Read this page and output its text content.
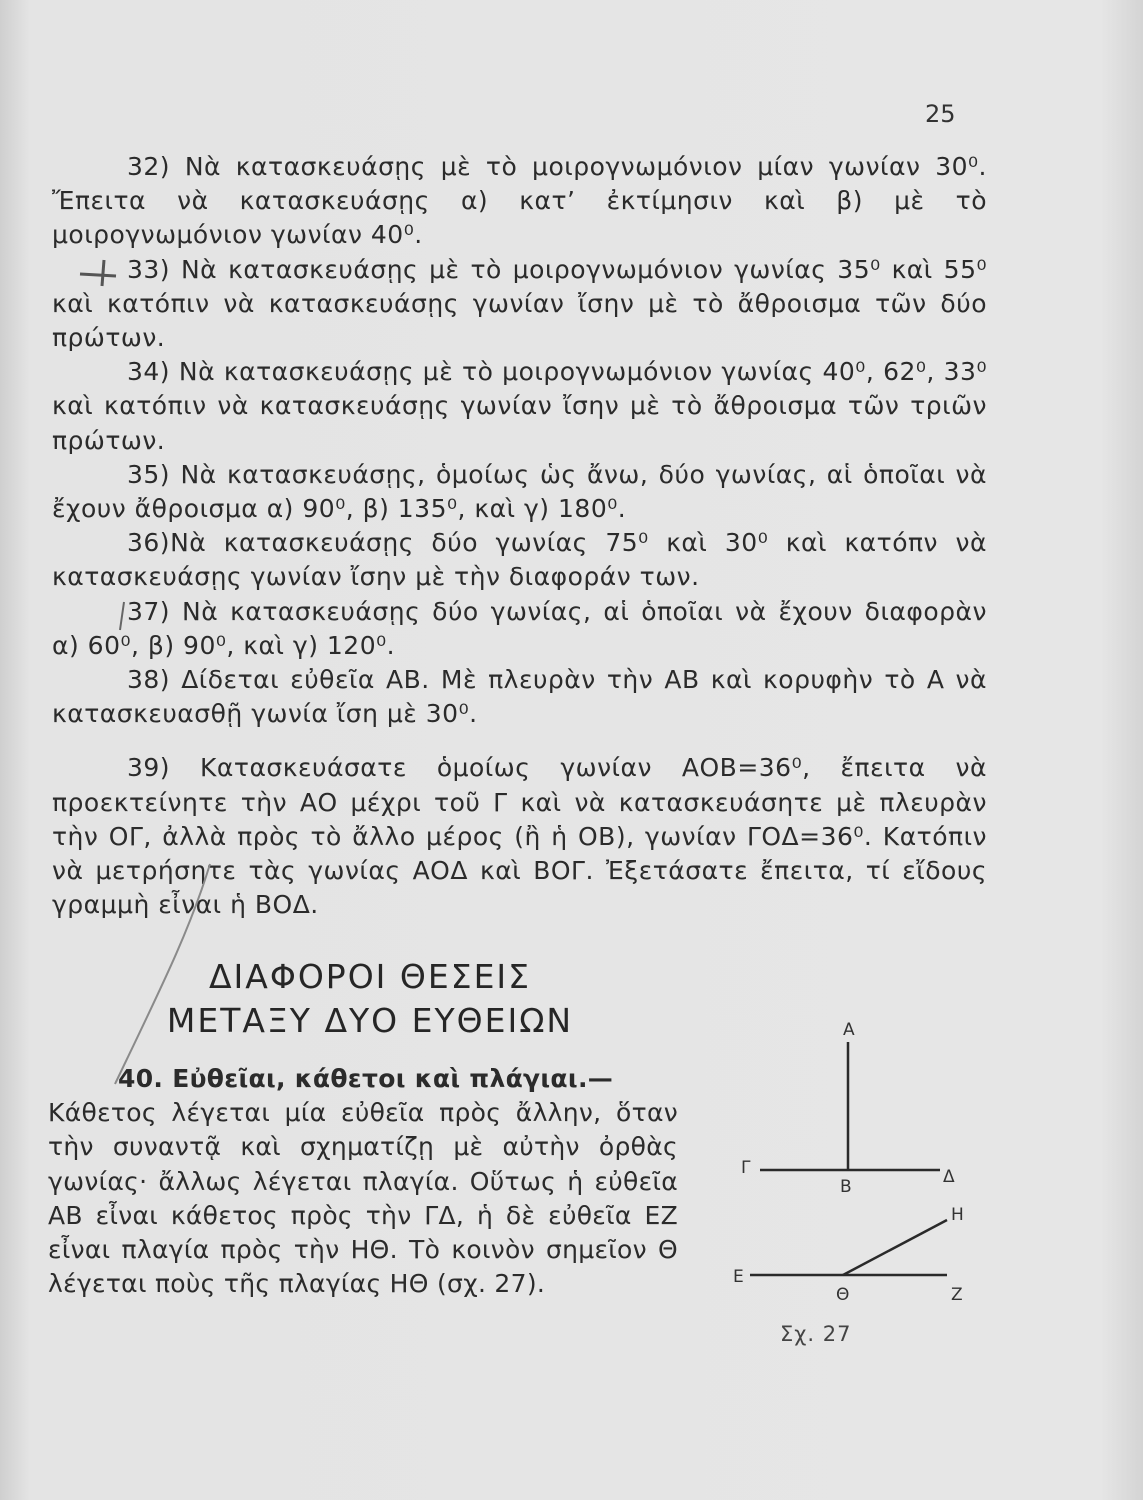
25

32) Νὰ κατασκευάσῃς μὲ τὸ μοιρογνωμόνιον μίαν γωνίαν 30⁰. Ἔπειτα νὰ κατασκευάσῃς α) κατ’ ἐκτίμησιν καὶ β) μὲ τὸ μοιρογνωμόνιον γωνίαν 40⁰.

33) Νὰ κατασκευάσῃς μὲ τὸ μοιρογνωμόνιον γωνίας 35⁰ καὶ 55⁰ καὶ κατόπιν νὰ κατασκευάσῃς γωνίαν ἴσην μὲ τὸ ἄθροισμα τῶν δύο πρώτων.

34) Νὰ κατασκευάσῃς μὲ τὸ μοιρογνωμόνιον γωνίας 40⁰, 62⁰, 33⁰ καὶ κατόπιν νὰ κατασκευάσῃς γωνίαν ἴσην μὲ τὸ ἄθροισμα τῶν τριῶν πρώτων.

35) Νὰ κατασκευάσῃς, ὁμοίως ὡς ἄνω, δύο γωνίας, αἱ ὁποῖαι νὰ ἔχουν ἄθροισμα α) 90⁰, β) 135⁰, καὶ γ) 180⁰.

36)Νὰ κατασκευάσῃς δύο γωνίας 75⁰ καὶ 30⁰ καὶ κατόπν νὰ κατασκευάσῃς γωνίαν ἴσην μὲ τὴν διαφοράν των.

37) Νὰ κατασκευάσῃς δύο γωνίας, αἱ ὁποῖαι νὰ ἔχουν διαφορὰν α) 60⁰, β) 90⁰, καὶ γ) 120⁰.

38) Δίδεται εὐθεῖα ΑΒ. Μὲ πλευρὰν τὴν ΑΒ καὶ κορυφὴν τὸ Α νὰ κατασκευασθῇ γωνία ἴση μὲ 30⁰.

39) Κατασκευάσατε ὁμοίως γωνίαν ΑΟΒ=36⁰, ἔπειτα νὰ προεκτείνητε τὴν ΑΟ μέχρι τοῦ Γ καὶ νὰ κατασκευάσητε μὲ πλευρὰν τὴν ΟΓ, ἀλλὰ πρὸς τὸ ἄλλο μέρος (ἢ ἡ ΟΒ), γωνίαν ΓΟΔ=36⁰. Κατόπιν νὰ μετρήσητε τὰς γωνίας ΑΟΔ καὶ ΒΟΓ. Ἐξετάσατε ἔπειτα, τί εἴδους γραμμὴ εἶναι ἡ ΒΟΔ.

ΔΙΑΦΟΡΟΙ ΘΕΣΕΙΣ
ΜΕΤΑΞΥ ΔΥΟ ΕΥΘΕΙΩΝ
40. Εὐθεῖαι, κάθετοι καὶ πλάγιαι.—
Κάθετος λέγεται μία εὐθεῖα πρὸς ἄλλην, ὅταν τὴν συναντᾷ καὶ σχηματίζῃ μὲ αὐτὴν ὀρθὰς γωνίας· ἄλλως λέγεται πλαγία. Οὕτως ἡ εὐθεῖα ΑΒ εἶναι κάθετος πρὸς τὴν ΓΔ, ἡ δὲ εὐθεῖα ΕΖ εἶναι πλαγία πρὸς τὴν ΗΘ. Τὸ κοινὸν σημεῖον Θ λέγεται ποὺς τῆς πλαγίας ΗΘ (σχ. 27).
Α
Β
Γ	Δ
Ε
Ζ
Η
Θ
Σχ. 27
